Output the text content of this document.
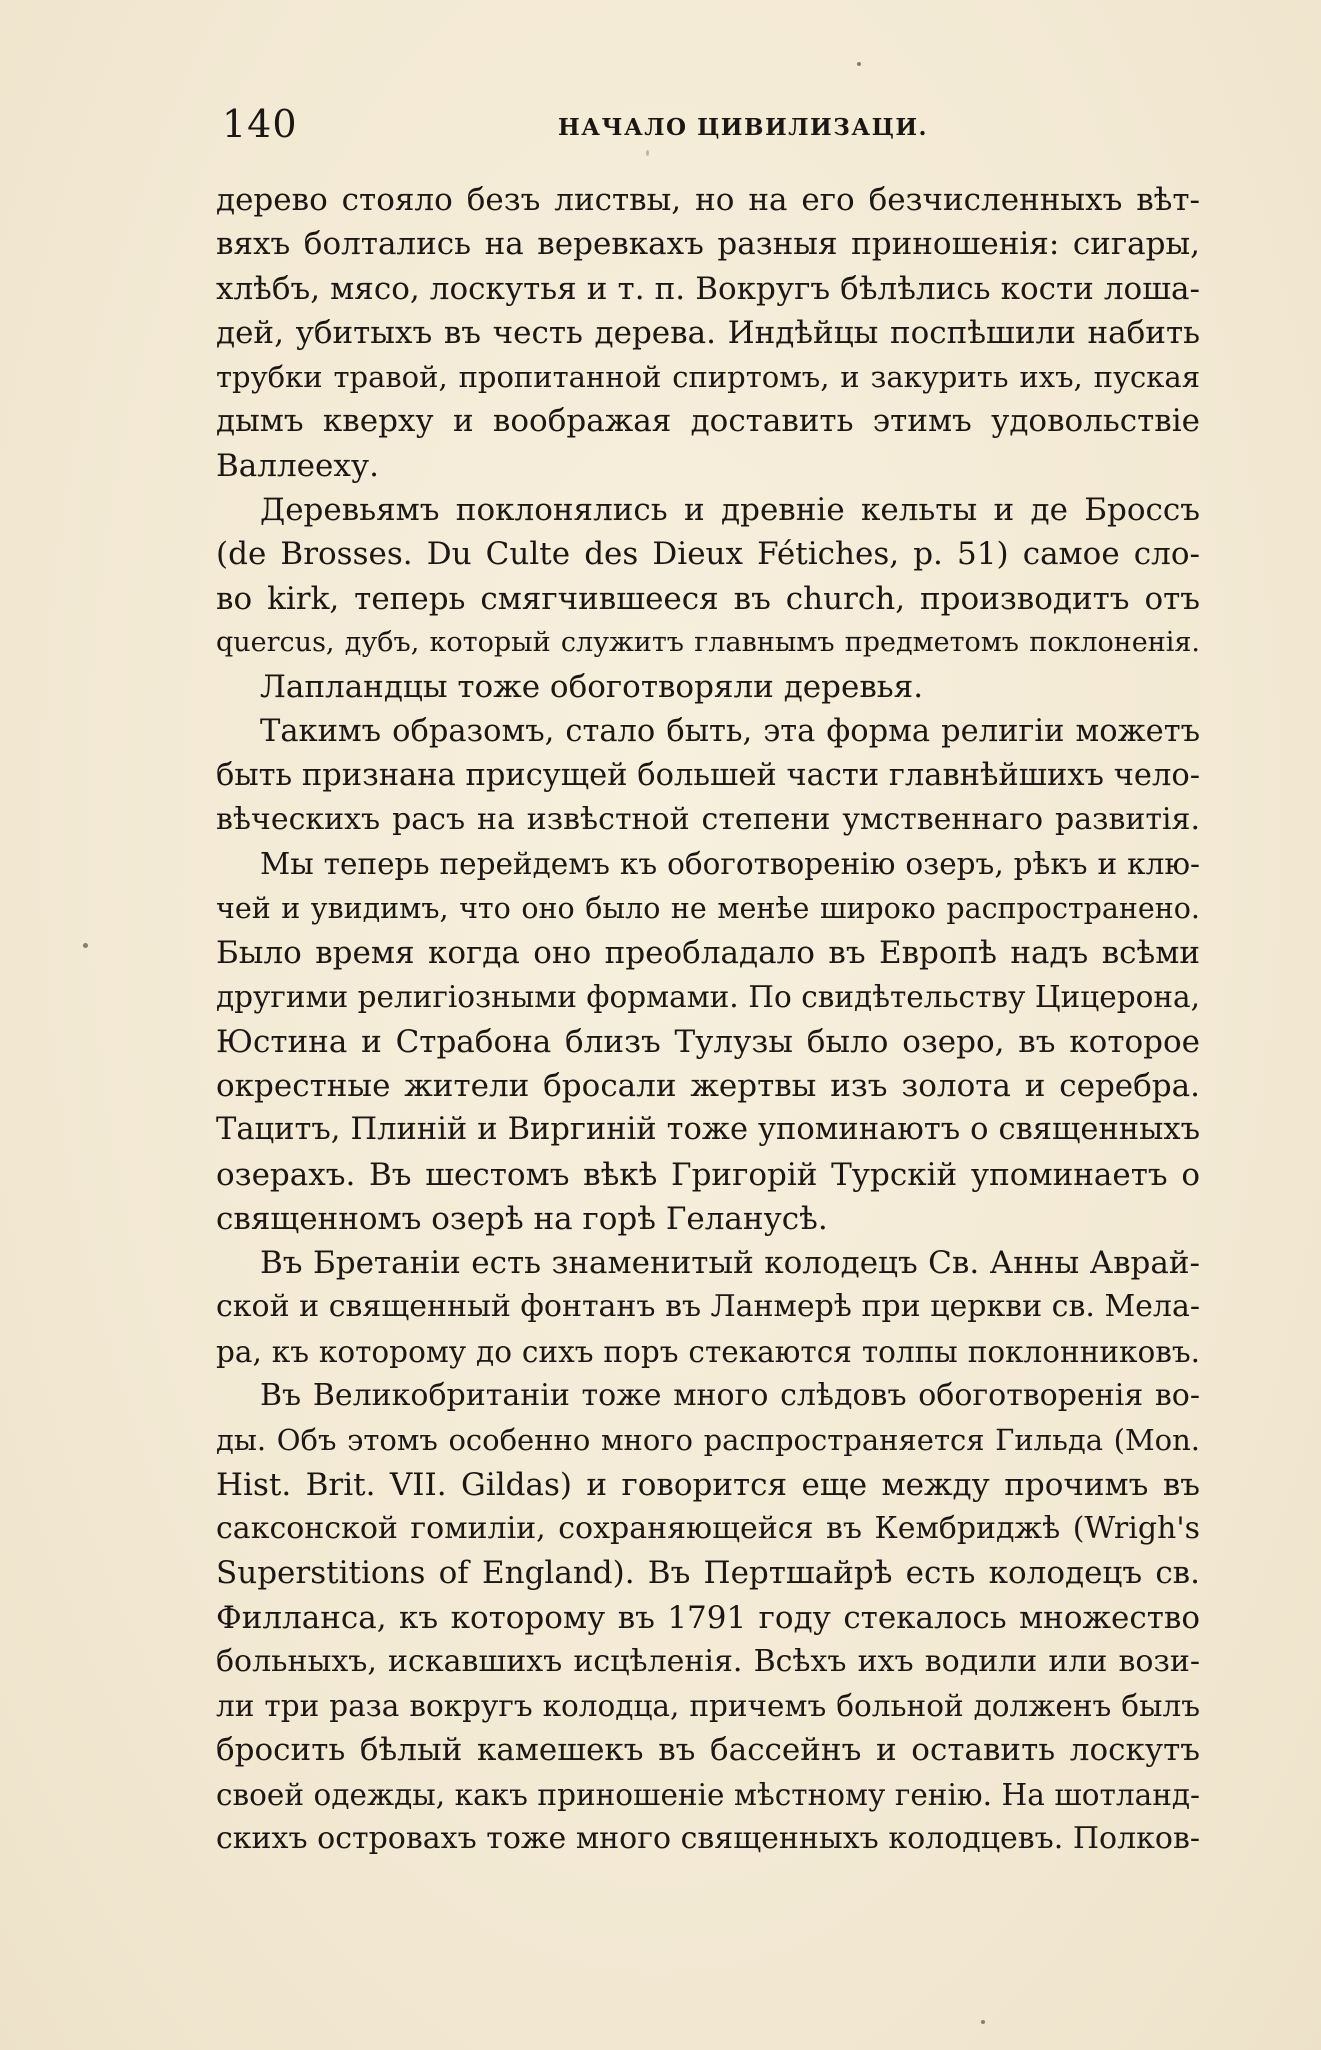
140	НАЧАЛО ЦИВИЛИЗАЦИ.
дерево стояло безъ листвы, но на его безчисленныхъ вѣт-
вяхъ болтались на веревкахъ разныя приношенія: сигары,
хлѣбъ, мясо, лоскутья и т. п. Вокругъ бѣлѣлись кости лоша-
дей, убитыхъ въ честь дерева. Индѣйцы поспѣшили набить
трубки травой, пропитанной спиртомъ, и закурить ихъ, пуская
дымъ кверху и воображая доставить этимъ удовольствіе
Валлееху.
Деревьямъ поклонялись и древніе кельты и де Броссъ
(de Brosses. Du Culte des Dieux Fétiches, p. 51) самое сло-
во kirk, теперь смягчившееся въ church, производитъ отъ
quercus, дубъ, который служитъ главнымъ предметомъ поклоненія.
Лапландцы тоже обоготворяли деревья.
Такимъ образомъ, стало быть, эта форма религіи можетъ
быть признана присущей большей части главнѣйшихъ чело-
вѣческихъ расъ на извѣстной степени умственнаго развитія.
Мы теперь перейдемъ къ обоготворенію озеръ, рѣкъ и клю-
чей и увидимъ, что оно было не менѣе широко распространено.
Было время когда оно преобладало въ Европѣ надъ всѣми
другими религіозными формами. По свидѣтельству Цицерона,
Юстина и Страбона близъ Тулузы было озеро, въ которое
окрестные жители бросали жертвы изъ золота и серебра.
Тацитъ, Плиній и Виргиній тоже упоминаютъ о священныхъ
озерахъ. Въ шестомъ вѣкѣ Григорій Турскій упоминаетъ о
священномъ озерѣ на горѣ Геланусѣ.
Въ Бретаніи есть знаменитый колодецъ Св. Анны Аврай-
ской и священный фонтанъ въ Ланмерѣ при церкви св. Мела-
ра, къ которому до сихъ поръ стекаются толпы поклонниковъ.
Въ Великобританіи тоже много слѣдовъ обоготворенія во-
ды. Объ этомъ особенно много распространяется Гильда (Mon.
Hist. Brit. VII. Gildas) и говорится еще между прочимъ въ
саксонской гомиліи, сохраняющейся въ Кембриджѣ (Wrigh's
Superstitions of England). Въ Пертшайрѣ есть колодецъ св.
Филланса, къ которому въ 1791 году стекалось множество
больныхъ, искавшихъ исцѣленія. Всѣхъ ихъ водили или вози-
ли три раза вокругъ колодца, причемъ больной долженъ былъ
бросить бѣлый камешекъ въ бассейнъ и оставить лоскутъ
своей одежды, какъ приношеніе мѣстному генію. На шотланд-
скихъ островахъ тоже много священныхъ колодцевъ. Полков-
